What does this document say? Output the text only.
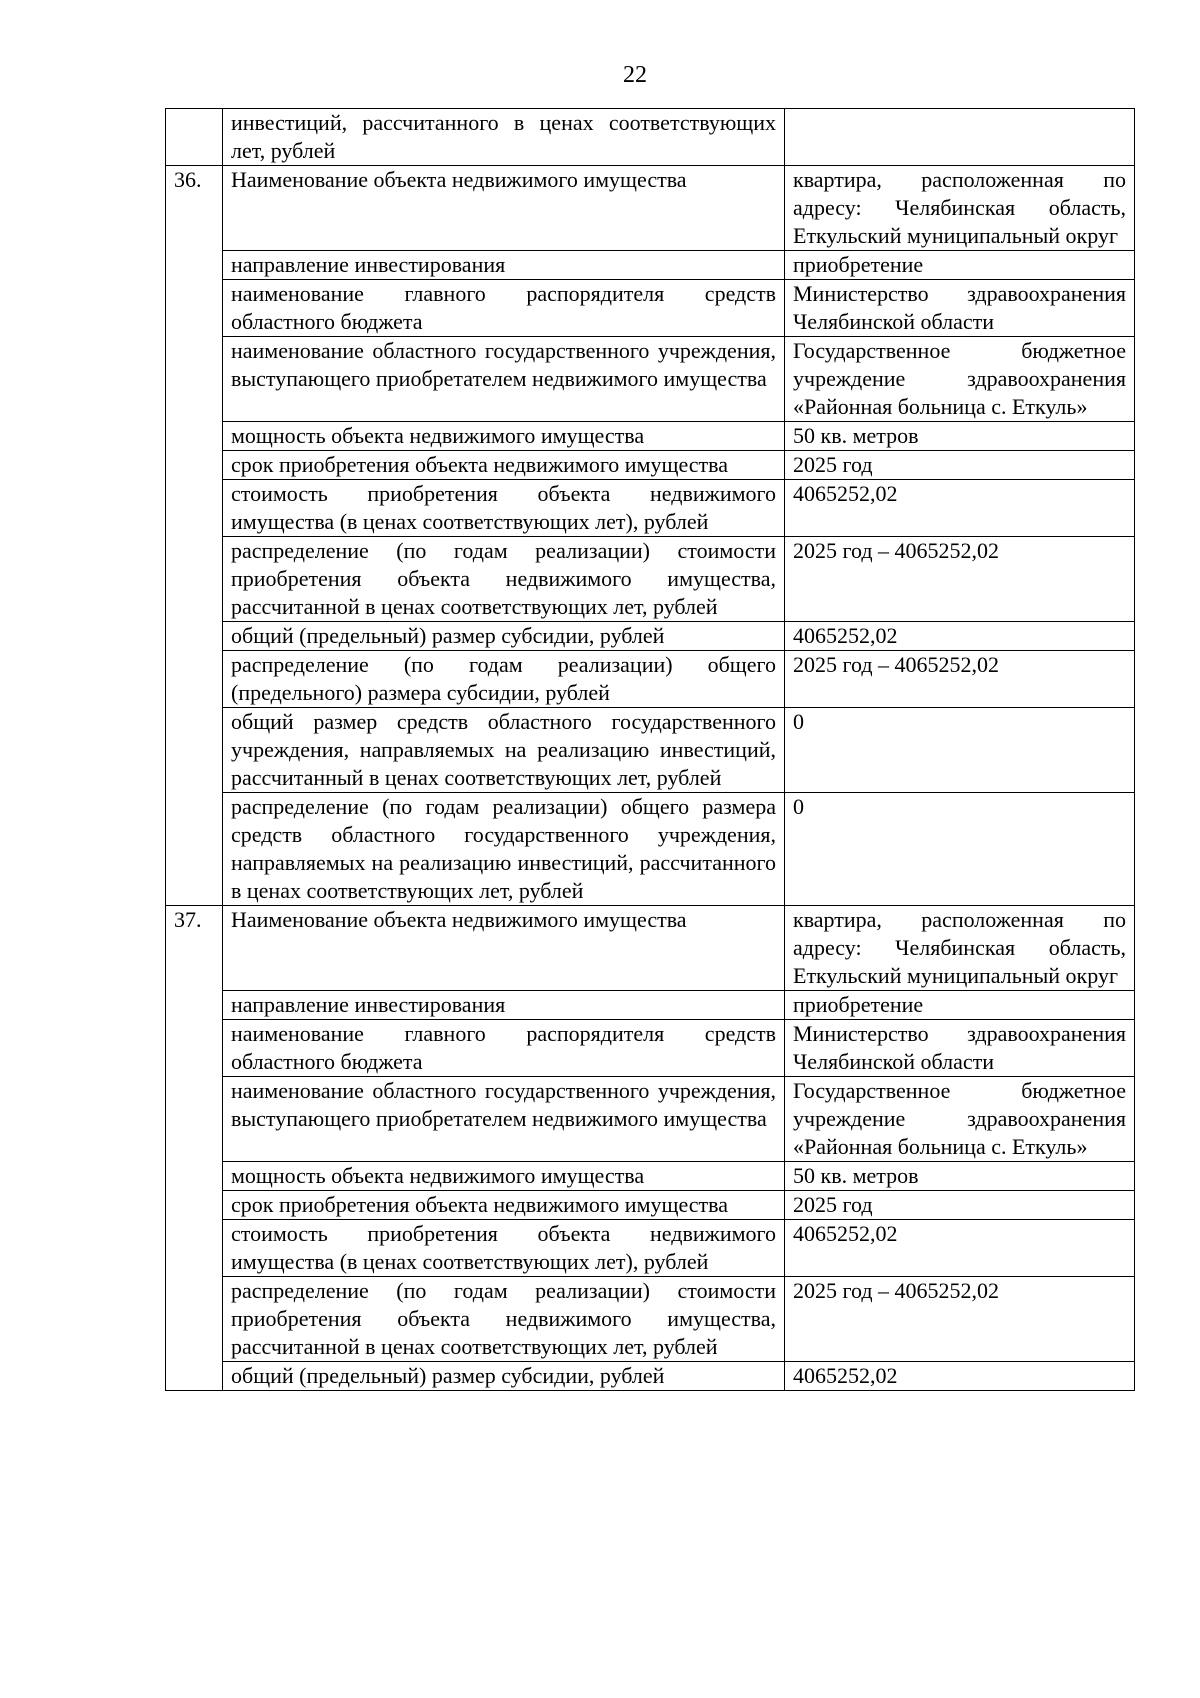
22
	инвестиций, рассчитанного в ценах соответствующих лет, рублей	
36.	Наименование объекта недвижимого имущества	квартира, расположенная по адресу: Челябинская область, Еткульский муниципальный округ
	направление инвестирования	приобретение
	наименование главного распорядителя средств областного бюджета	Министерство здравоохранения Челябинской области
	наименование областного государственного учреждения, выступающего приобретателем недвижимого имущества	Государственное бюджетное учреждение здравоохранения «Районная больница с. Еткуль»
	мощность объекта недвижимого имущества	50 кв. метров
	срок приобретения объекта недвижимого имущества	2025 год
	стоимость приобретения объекта недвижимого имущества (в ценах соответствующих лет), рублей	4065252,02
	распределение (по годам реализации) стоимости приобретения объекта недвижимого имущества, рассчитанной в ценах соответствующих лет, рублей	2025 год – 4065252,02
	общий (предельный) размер субсидии, рублей	4065252,02
	распределение (по годам реализации) общего (предельного) размера субсидии, рублей	2025 год – 4065252,02
	общий размер средств областного государственного учреждения, направляемых на реализацию инвестиций, рассчитанный в ценах соответствующих лет, рублей	0
	распределение (по годам реализации) общего размера средств областного государственного учреждения, направляемых на реализацию инвестиций, рассчитанного в ценах соответствующих лет, рублей	0
37.	Наименование объекта недвижимого имущества	квартира, расположенная по адресу: Челябинская область, Еткульский муниципальный округ
	направление инвестирования	приобретение
	наименование главного распорядителя средств областного бюджета	Министерство здравоохранения Челябинской области
	наименование областного государственного учреждения, выступающего приобретателем недвижимого имущества	Государственное бюджетное учреждение здравоохранения «Районная больница с. Еткуль»
	мощность объекта недвижимого имущества	50 кв. метров
	срок приобретения объекта недвижимого имущества	2025 год
	стоимость приобретения объекта недвижимого имущества (в ценах соответствующих лет), рублей	4065252,02
	распределение (по годам реализации) стоимости приобретения объекта недвижимого имущества, рассчитанной в ценах соответствующих лет, рублей	2025 год – 4065252,02
	общий (предельный) размер субсидии, рублей	4065252,02
